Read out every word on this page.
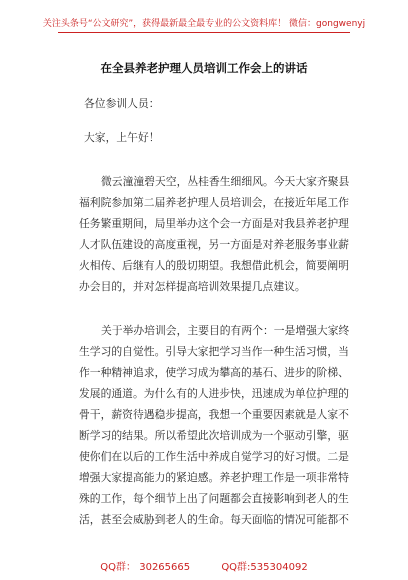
关注头条号“公文研究”，获得最新最全最专业的公文资料库！ 微信：gongwenyj
在全县养老护理人员培训工作会上的讲话
各位参训人员：
大家，上午好！
微云潼潼碧天空，丛桂香生细细风。今天大家齐聚县
福利院参加第二届养老护理人员培训会，在接近年尾工作
任务繁重期间，局里举办这个会一方面是对我县养老护理
人才队伍建设的高度重视，另一方面是对养老服务事业薪
火相传、后继有人的殷切期望。我想借此机会，简要阐明
办会目的，并对怎样提高培训效果提几点建议。
关于举办培训会，主要目的有两个：一是增强大家终
生学习的自觉性。引导大家把学习当作一种生活习惯，当
作一种精神追求，使学习成为攀高的基石、进步的阶梯、
发展的通道。为什么有的人进步快，迅速成为单位护理的
骨干，薪资待遇稳步提高，我想一个重要因素就是人家不
断学习的结果。所以希望此次培训成为一个驱动引擎，驱
使你们在以后的工作生活中养成自觉学习的好习惯。二是
增强大家提高能力的紧迫感。养老护理工作是一项非常特
殊的工作，每个细节上出了问题都会直接影响到老人的生
活，甚至会威胁到老人的生命。每天面临的情况可能都不
QQ群： 30265665	QQ群:535304092
